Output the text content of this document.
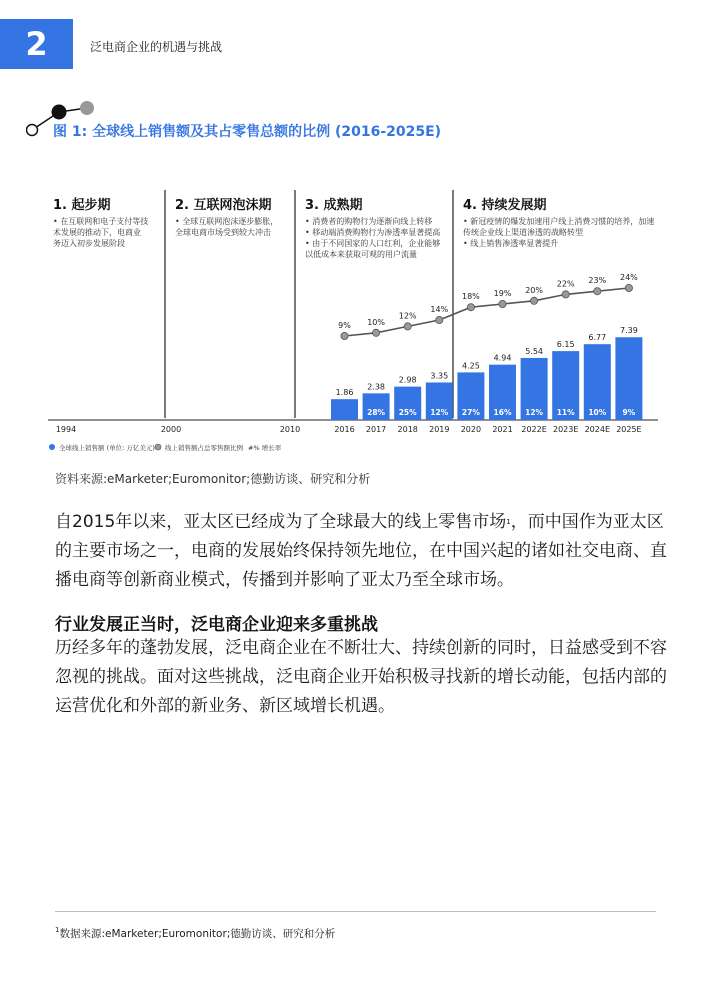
2	泛电商企业的机遇与挑战
图 1: 全球线上销售额及其占零售总额的比例 (2016-2025E)
1. 起步期
• 在互联网和电子支付等技
术发展的推动下，电商业
务迈入初步发展阶段
2. 互联网泡沫期
• 全球互联网泡沫逐步膨胀，
全球电商市场受到较大冲击
3. 成熟期
• 消费者的购物行为逐渐向线上转移
• 移动端消费购物行为渗透率显著提高
• 由于不同国家的人口红利，企业能够
以低成本来获取可观的用户流量
4. 持续发展期
• 新冠疫情的爆发加速用户线上消费习惯的培养，加速
传统企业线上渠道渗透的战略转型
• 线上销售渗透率显著提升
1994	2000	2010
1.86
2016
2.38
28%
2017
2.98
25%
2018
3.35
12%
2019
4.25
27%
2020
4.94
16%
2021
5.54
12%
2022E
6.15
11%
2023E
6.77
10%
2024E
7.39
9%
2025E
9% 10%
12%
14%
18% 19% 20%
22% 23% 24%
全球线上销售额 (单位: 万亿美元) 线上销售额占总零售额比例 #% 增长率
资料来源:eMarketer;Euromonitor;德勤访谈、研究和分析
自2015年以来，亚太区已经成为了全球最大的线上零售市场$^1$，而中国作为亚太区的主要市场之一，电商的发展始终保持领先地位，在中国兴起的诸如社交电商、直播电商等创新商业模式，传播到并影响了亚太乃至全球市场。
行业发展正当时，泛电商企业迎来多重挑战
历经多年的蓬勃发展，泛电商企业在不断壮大、持续创新的同时，日益感受到不容忽视的挑战。面对这些挑战，泛电商企业开始积极寻找新的增长动能，包括内部的运营优化和外部的新业务、新区域增长机遇。
$^1$数据来源:eMarketer;Euromonitor;德勤访谈、研究和分析
